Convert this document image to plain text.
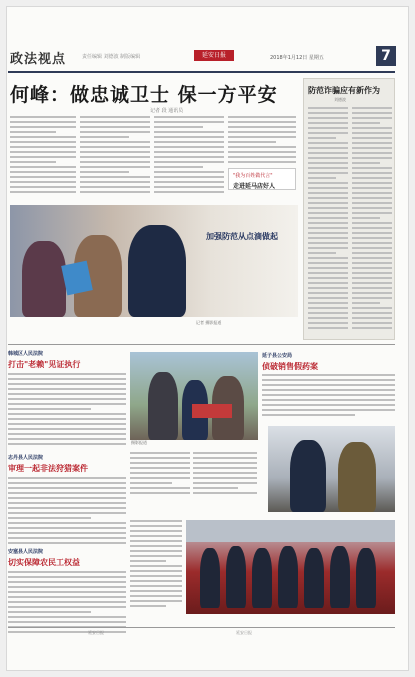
政法视点	责任编辑 刘德波 制版编辑	延安日报	2018年1月12日 星期五	7
何峰：做忠诚卫士 保一方平安
记者 段 通讯员
"我为百姓做代言"
走进延马店好人
加强防范从点滴做起
记者 摄影报道
防范诈骗应有新作为
刘德波
韩城区人民法院
打击"老赖"见证执行
志丹县人民法院
审理一起非法狩猎案件
安塞县人民法院
切实保障农民工权益
摄影报道
延子县公安局
侦破销售假药案
延安日报	延安日报
